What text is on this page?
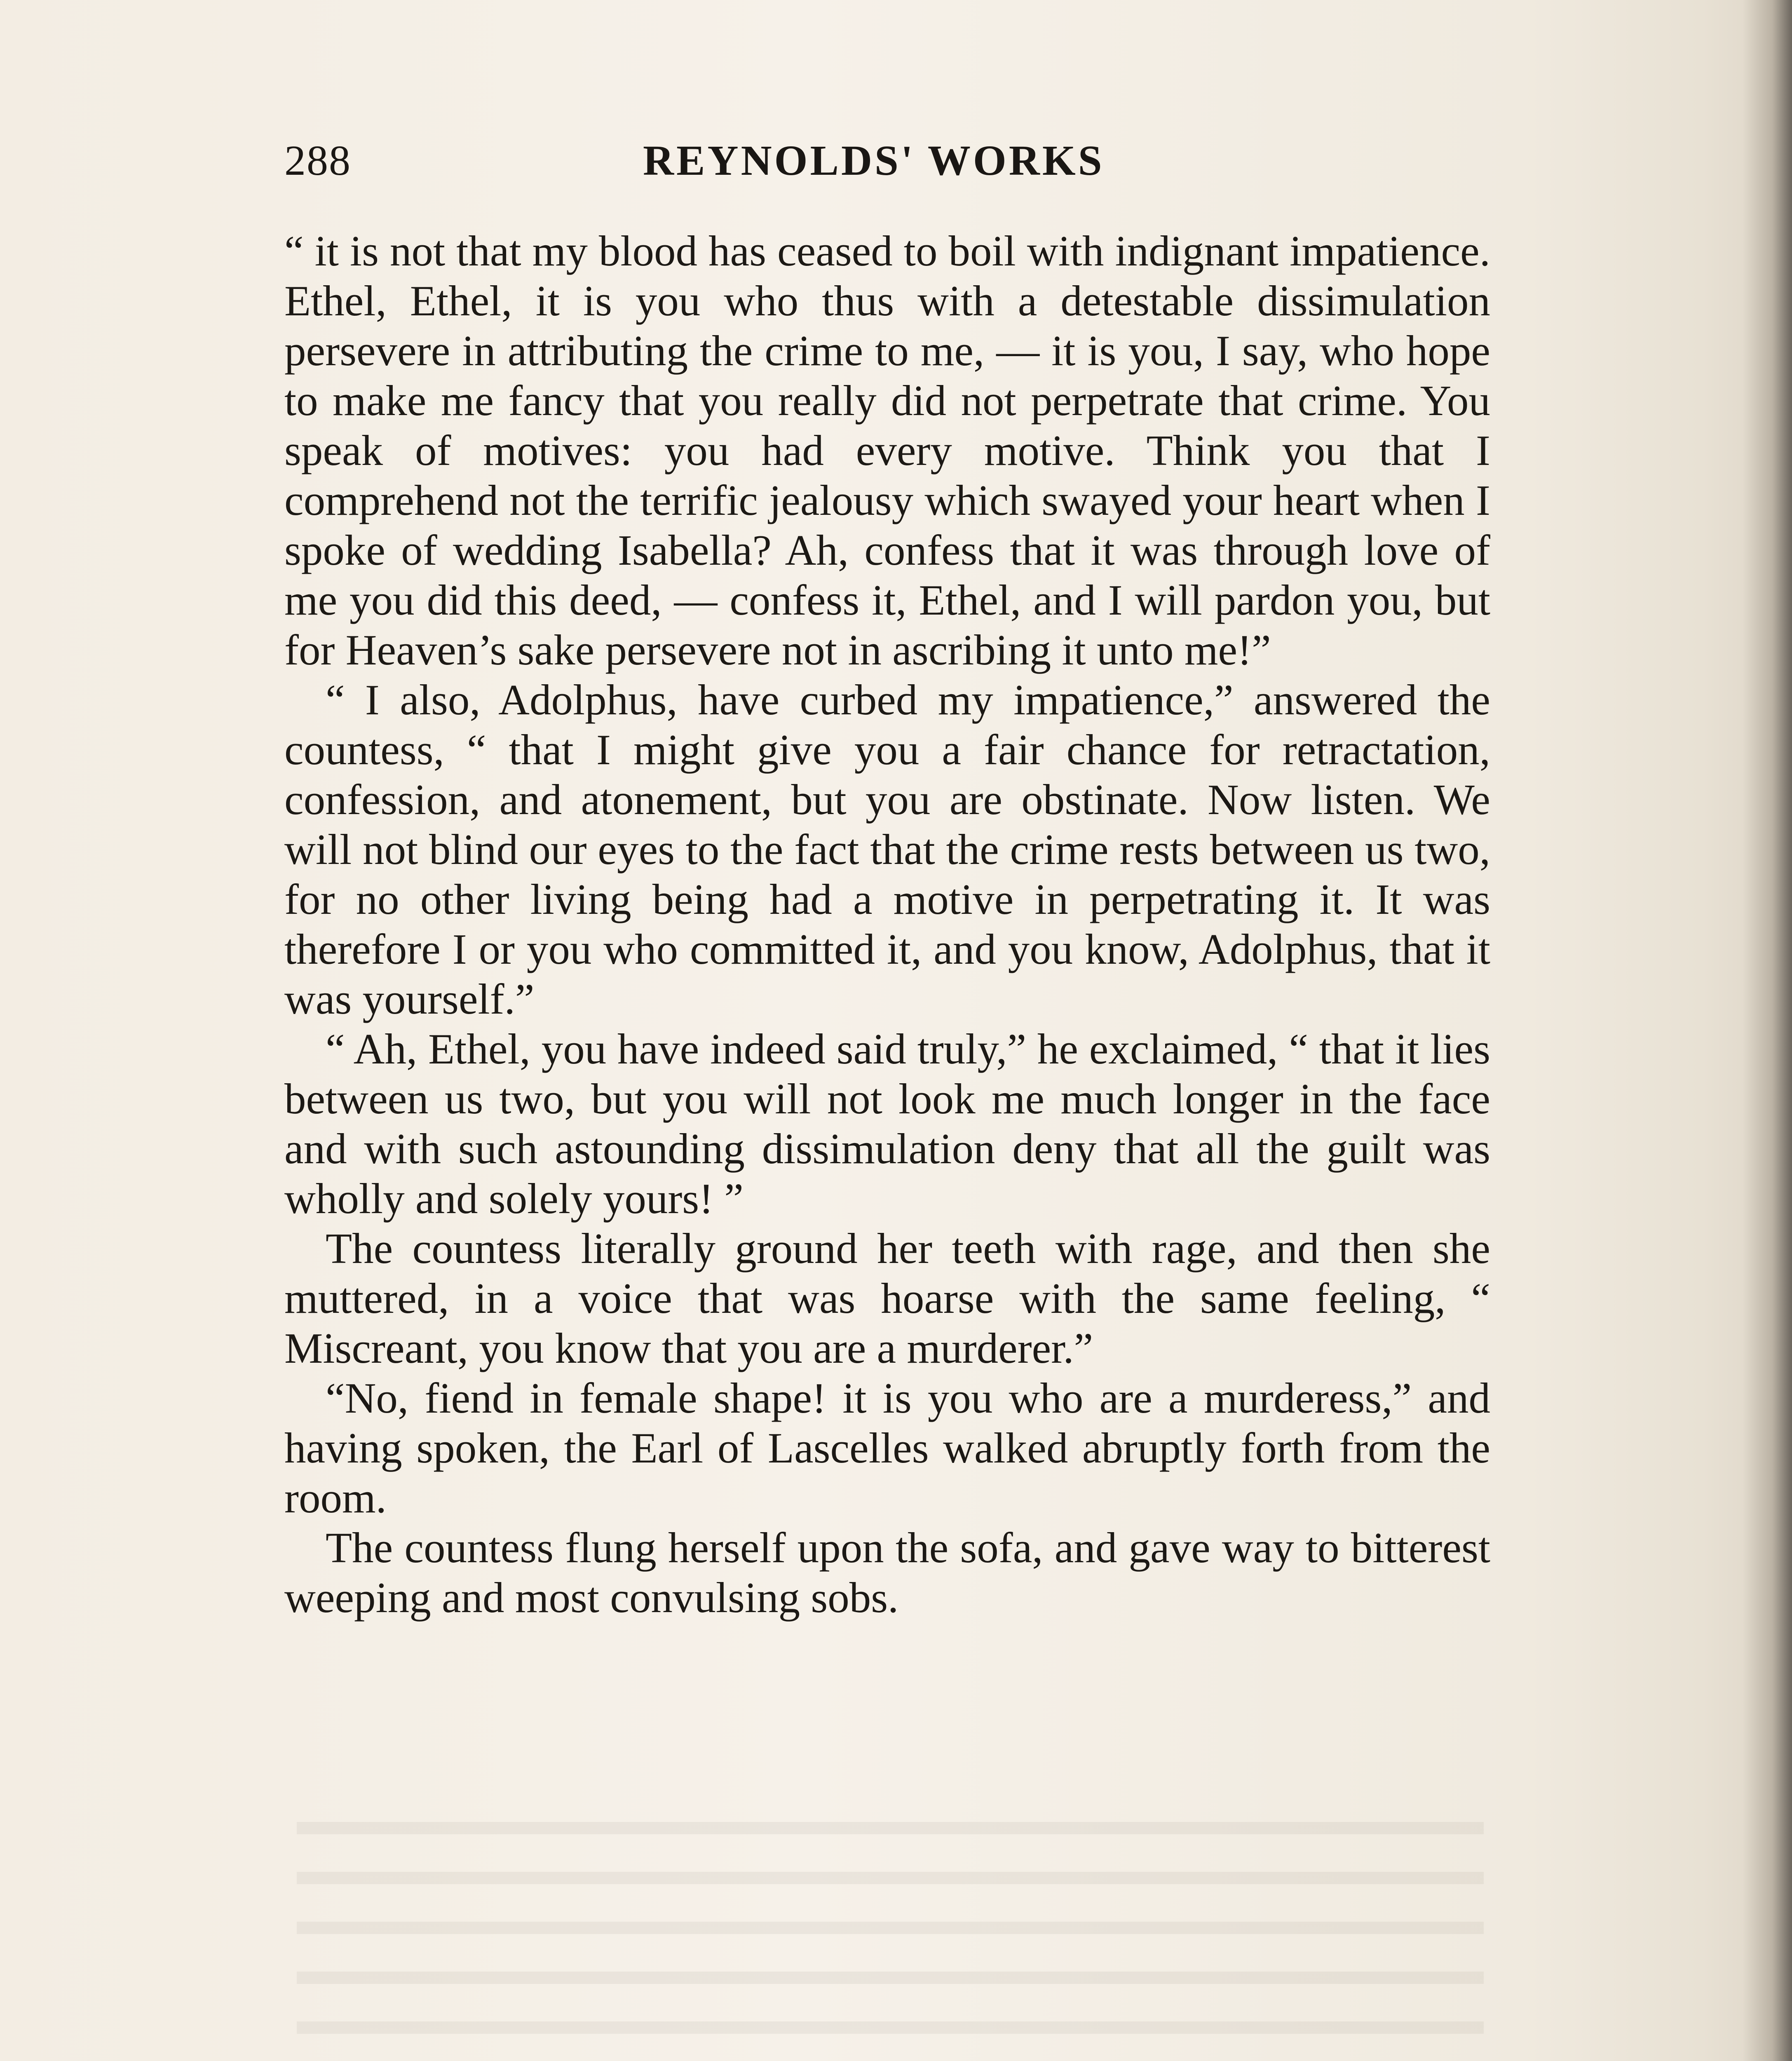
288	REYNOLDS' WORKS

“ it is not that my blood has ceased to boil with indignant impatience. Ethel, Ethel, it is you who thus with a detestable dissimulation persevere in attributing the crime to me, — it is you, I say, who hope to make me fancy that you really did not perpetrate that crime. You speak of motives: you had every motive. Think you that I comprehend not the terrific jealousy which swayed your heart when I spoke of wedding Isabella? Ah, confess that it was through love of me you did this deed, — confess it, Ethel, and I will pardon you, but for Heaven’s sake persevere not in ascribing it unto me!”

“ I also, Adolphus, have curbed my impatience,” answered the countess, “ that I might give you a fair chance for retractation, confession, and atonement, but you are obstinate. Now listen. We will not blind our eyes to the fact that the crime rests between us two, for no other living being had a motive in perpetrating it. It was therefore I or you who committed it, and you know, Adolphus, that it was yourself.”

“ Ah, Ethel, you have indeed said truly,” he exclaimed, “ that it lies between us two, but you will not look me much longer in the face and with such astounding dissimulation deny that all the guilt was wholly and solely yours! ”

The countess literally ground her teeth with rage, and then she muttered, in a voice that was hoarse with the same feeling, “ Miscreant, you know that you are a murderer.”

“No, fiend in female shape! it is you who are a murderess,” and having spoken, the Earl of Lascelles walked abruptly forth from the room.

The countess flung herself upon the sofa, and gave way to bitterest weeping and most convulsing sobs.
